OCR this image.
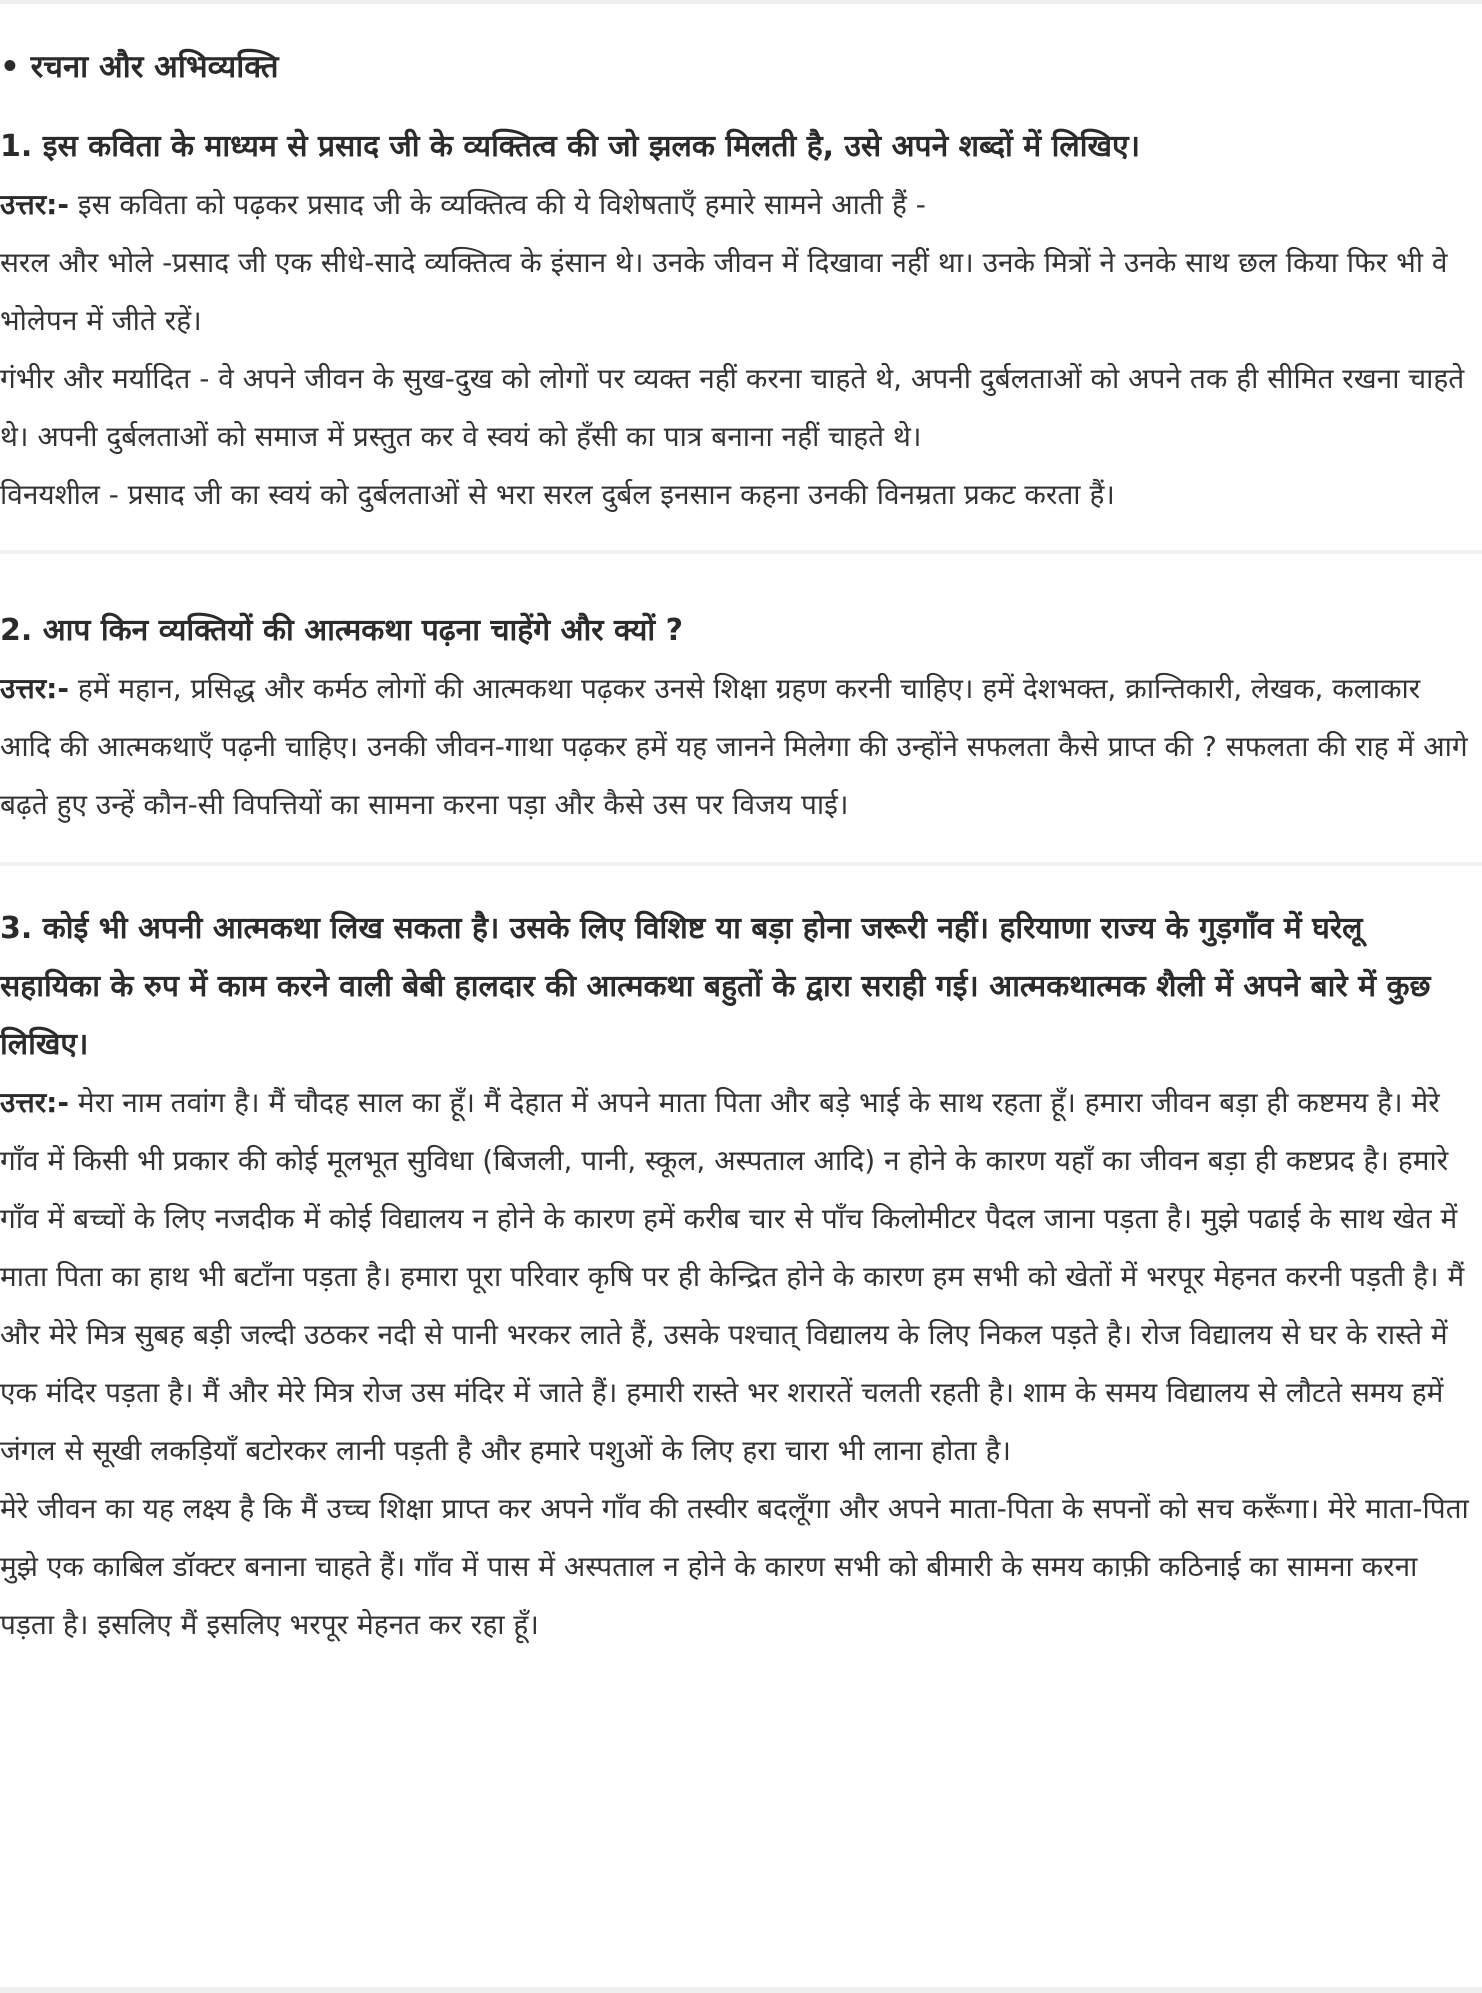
• रचना और अभिव्यक्ति
1. इस कविता के माध्यम से प्रसाद जी के व्यक्तित्व की जो झलक मिलती है, उसे अपने शब्दों में लिखिए।
उत्तर:- इस कविता को पढ़कर प्रसाद जी के व्यक्तित्व की ये विशेषताएँ हमारे सामने आती हैं -
सरल और भोले -प्रसाद जी एक सीधे-सादे व्यक्तित्व के इंसान थे। उनके जीवन में दिखावा नहीं था। उनके मित्रों ने उनके साथ छल किया फिर भी वे भोलेपन में जीते रहें।
गंभीर और मर्यादित - वे अपने जीवन के सुख-दुख को लोगों पर व्यक्त नहीं करना चाहते थे, अपनी दुर्बलताओं को अपने तक ही सीमित रखना चाहते थे। अपनी दुर्बलताओं को समाज में प्रस्तुत कर वे स्वयं को हँसी का पात्र बनाना नहीं चाहते थे।
विनयशील - प्रसाद जी का स्वयं को दुर्बलताओं से भरा सरल दुर्बल इनसान कहना उनकी विनम्रता प्रकट करता हैं।
2. आप किन व्यक्तियों की आत्मकथा पढ़ना चाहेंगे और क्यों ?
उत्तर:- हमें महान, प्रसिद्ध और कर्मठ लोगों की आत्मकथा पढ़कर उनसे शिक्षा ग्रहण करनी चाहिए। हमें देशभक्त, क्रान्तिकारी, लेखक, कलाकार आदि की आत्मकथाएँ पढ़नी चाहिए। उनकी जीवन-गाथा पढ़कर हमें यह जानने मिलेगा की उन्होंने सफलता कैसे प्राप्त की ? सफलता की राह में आगे बढ़ते हुए उन्हें कौन-सी विपत्तियों का सामना करना पड़ा और कैसे उस पर विजय पाई।
3. कोई भी अपनी आत्मकथा लिख सकता है। उसके लिए विशिष्ट या बड़ा होना जरूरी नहीं। हरियाणा राज्य के गुड़गाँव में घरेलू सहायिका के रुप में काम करने वाली बेबी हालदार की आत्मकथा बहुतों के द्वारा सराही गई। आत्मकथात्मक शैली में अपने बारे में कुछ लिखिए।
उत्तर:- मेरा नाम तवांग है। मैं चौदह साल का हूँ। मैं देहात में अपने माता पिता और बड़े भाई के साथ रहता हूँ। हमारा जीवन बड़ा ही कष्टमय है। मेरे गाँव में किसी भी प्रकार की कोई मूलभूत सुविधा (बिजली, पानी, स्कूल, अस्पताल आदि) न होने के कारण यहाँ का जीवन बड़ा ही कष्टप्रद है। हमारे गाँव में बच्चों के लिए नजदीक में कोई विद्यालय न होने के कारण हमें करीब चार से पाँच किलोमीटर पैदल जाना पड़ता है। मुझे पढाई के साथ खेत में माता पिता का हाथ भी बटाँना पड़ता है। हमारा पूरा परिवार कृषि पर ही केन्द्रित होने के कारण हम सभी को खेतों में भरपूर मेहनत करनी पड़ती है। मैं और मेरे मित्र सुबह बड़ी जल्दी उठकर नदी से पानी भरकर लाते हैं, उसके पश्चात् विद्यालय के लिए निकल पड़ते है। रोज विद्यालय से घर के रास्ते में एक मंदिर पड़ता है। मैं और मेरे मित्र रोज उस मंदिर में जाते हैं। हमारी रास्ते भर शरारतें चलती रहती है। शाम के समय विद्यालय से लौटते समय हमें जंगल से सूखी लकड़ियाँ बटोरकर लानी पड़ती है और हमारे पशुओं के लिए हरा चारा भी लाना होता है।
मेरे जीवन का यह लक्ष्य है कि मैं उच्च शिक्षा प्राप्त कर अपने गाँव की तस्वीर बदलूँगा और अपने माता-पिता के सपनों को सच करूँगा। मेरे माता-पिता मुझे एक काबिल डॉक्टर बनाना चाहते हैं। गाँव में पास में अस्पताल न होने के कारण सभी को बीमारी के समय काफ़ी कठिनाई का सामना करना पड़ता है। इसलिए मैं इसलिए भरपूर मेहनत कर रहा हूँ।
